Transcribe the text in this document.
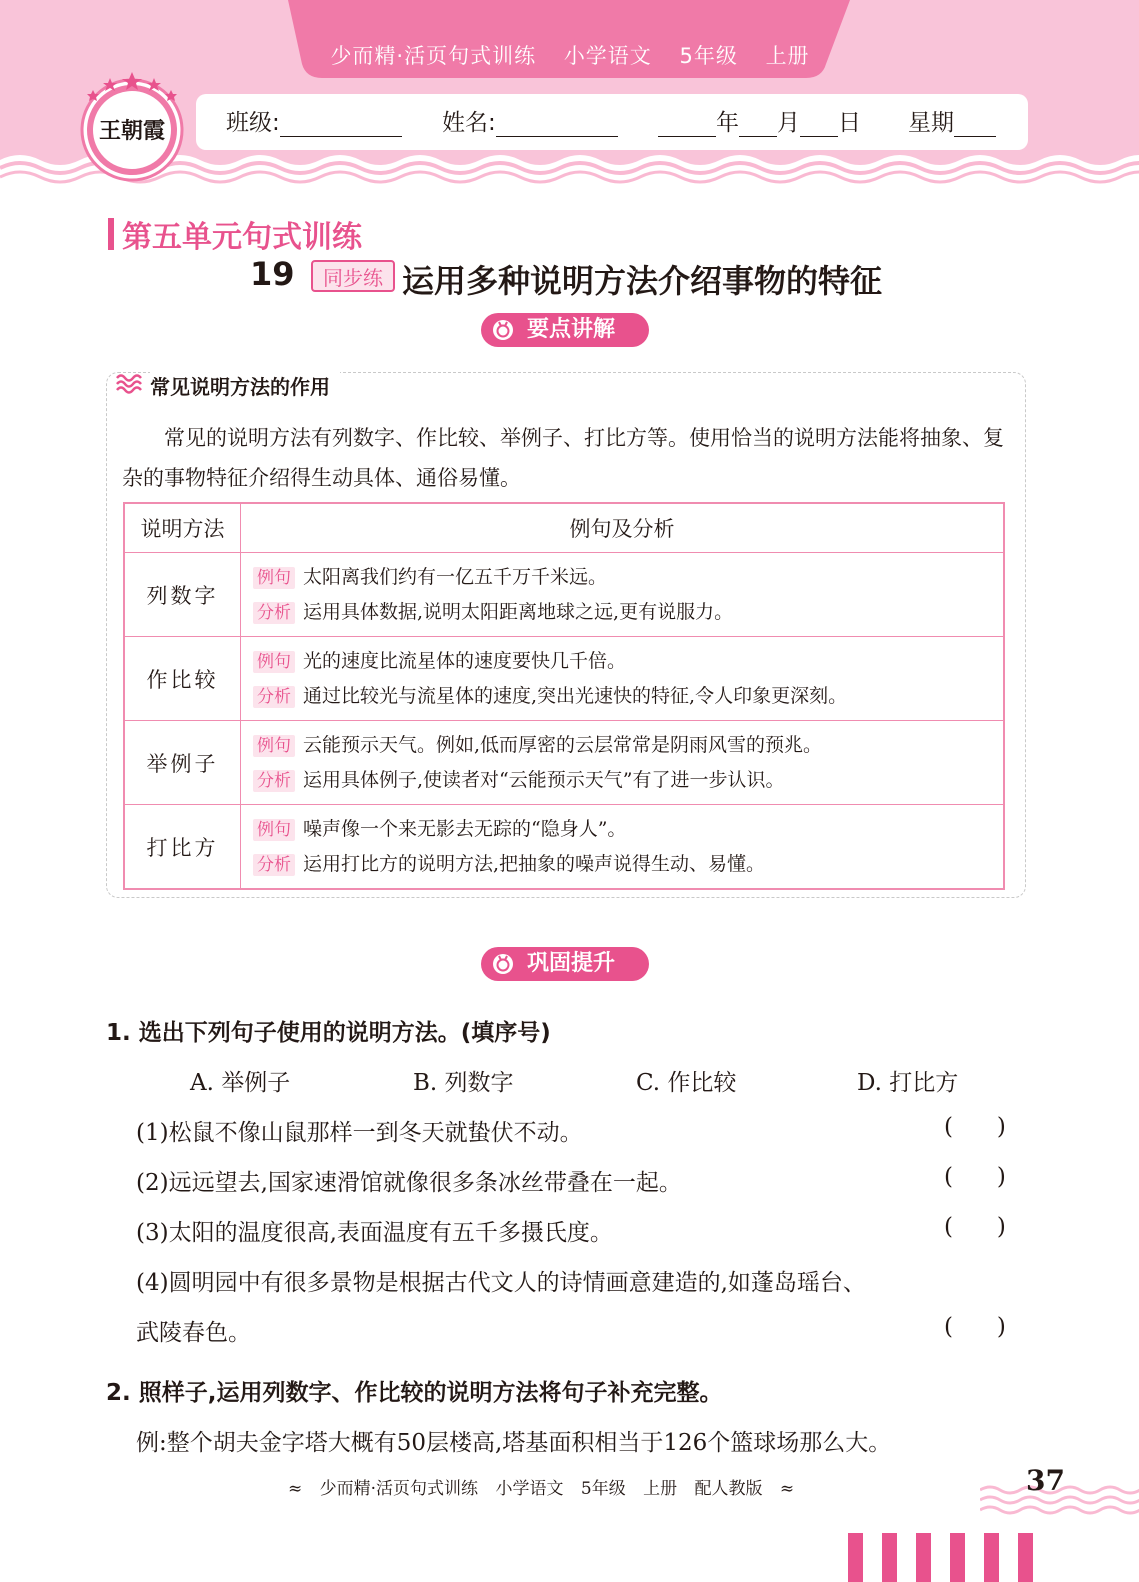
少而精·活页句式训练 小学语文 5年级 上册
班级:	姓名:	年 月 日 星期
王朝霞
第五单元句式训练
19	同步练 运用多种说明方法介绍事物的特征
要点讲解
常见说明方法的作用

常见的说明方法有列数字、作比较、举例子、打比方等。使用恰当的说明方法能将抽象、复杂的事物特征介绍得生动具体、通俗易懂。

说明方法	例句及分析
列数字	例句 太阳离我们约有一亿五千万千米远。
分析 运用具体数据,说明太阳距离地球之远,更有说服力。

作比较	例句 光的速度比流星体的速度要快几千倍。
分析 通过比较光与流星体的速度,突出光速快的特征,令人印象更深刻。

举例子	例句 云能预示天气。例如,低而厚密的云层常常是阴雨风雪的预兆。
分析 运用具体例子,使读者对“云能预示天气”有了进一步认识。

打比方	例句 噪声像一个来无影去无踪的“隐身人”。
分析 运用打比方的说明方法,把抽象的噪声说得生动、易懂。
巩固提升
1. 选出下列句子使用的说明方法。(填序号)
A. 举例子	B. 列数字	C. 作比较	D. 打比方
(1)松鼠不像山鼠那样一到冬天就蛰伏不动。	(      )
(2)远远望去,国家速滑馆就像很多条冰丝带叠在一起。	(      )
(3)太阳的温度很高,表面温度有五千多摄氏度。	(      )
(4)圆明园中有很多景物是根据古代文人的诗情画意建造的,如蓬岛瑶台、
武陵春色。	(      )
2. 照样子,运用列数字、作比较的说明方法将句子补充完整。
例:整个胡夫金字塔大概有50层楼高,塔基面积相当于126个篮球场那么大。
≈ 少而精·活页句式训练 小学语文 5年级 上册 配人教版 ≈	37
